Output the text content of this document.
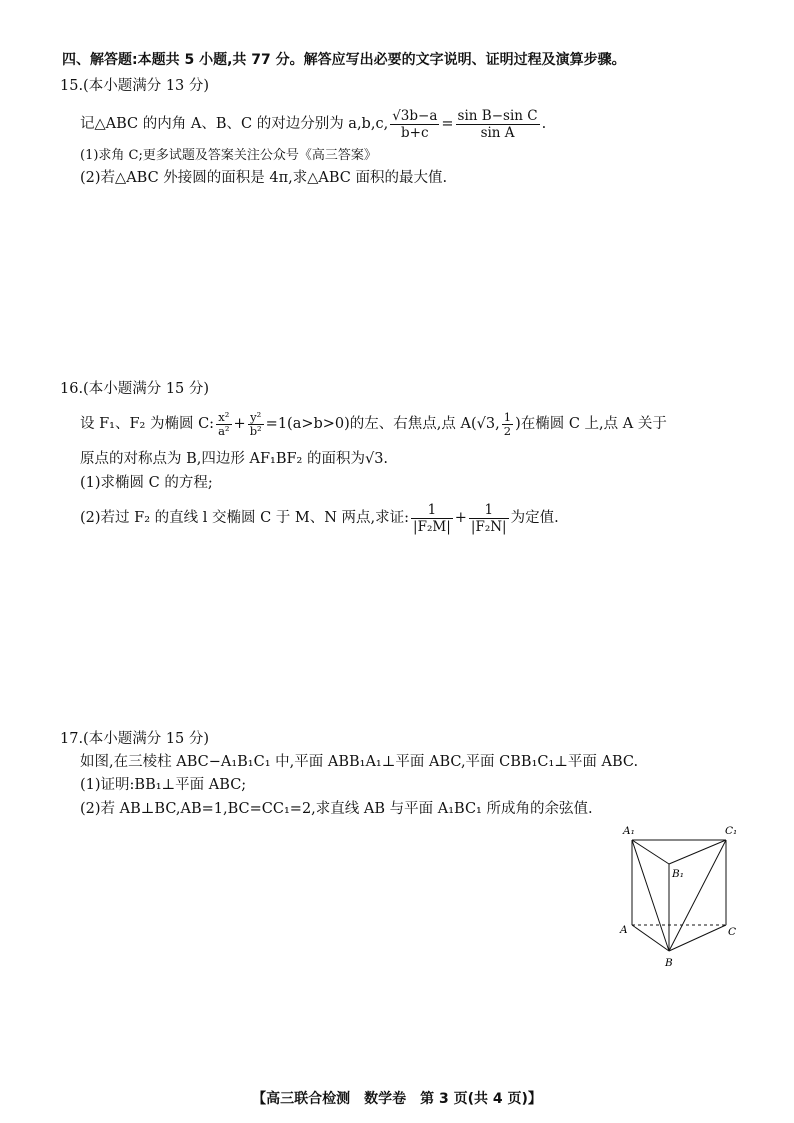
四、解答题:本题共 5 小题,共 77 分。解答应写出必要的文字说明、证明过程及演算步骤。
15.(本小题满分 13 分)
记△ABC 的内角 A、B、C 的对边分别为 a,b,c, $\frac{√3b-a}{b+c} = \frac{\text{sin B−sin C}}{\text{sin A}}$ .
(1)求角 C;更多试题及答案关注公众号《高三答案》
(2)若△ABC 外接圆的面积是 4π,求△ABC 面积的最大值.
16.(本小题满分 15 分)
设 F₁、F₂ 为椭圆 C: $\frac{\text{x²}}{\text{a²}} + \frac{\text{y²}}{\text{b²}} =1(a>b>0)$的左、右焦点,点 A(√3, $\frac{1}{2}$ )在椭圆 C 上,点 A 关于
原点的对称点为 B,四边形 AF₁BF₂ 的面积为√3.
(1)求椭圆 C 的方程;
(2)若过 F₂ 的直线 l 交椭圆 C 于 M、N 两点,求证: $\frac{1}{\text{|F₂M|}} + \frac{1}{\text{|F₂N|}}$ 为定值.
17.(本小题满分 15 分)
如图,在三棱柱 ABC−A₁B₁C₁ 中,平面 ABB₁A₁⊥平面 ABC,平面 CBB₁C₁⊥平面 ABC.
(1)证明:BB₁⊥平面 ABC;
(2)若 AB⊥BC,AB=1,BC=CC₁=2,求直线 AB 与平面 A₁BC₁ 所成角的余弦值.
A₁	C₁
B₁
A	C
B
【高三联合检测　数学卷　第 3 页(共 4 页)】
